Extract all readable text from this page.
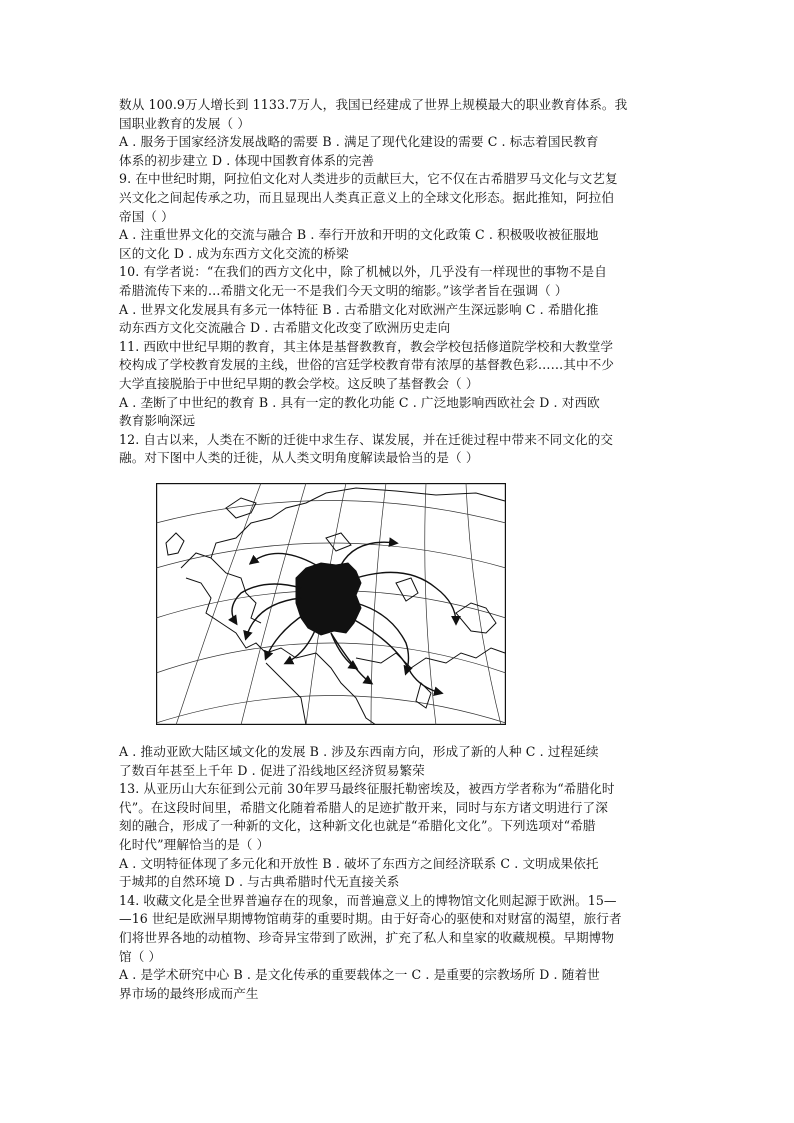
数从 100.9万人增长到 1133.7万人，我国已经建成了世界上规模最大的职业教育体系。我
国职业教育的发展（ ）
A . 服务于国家经济发展战略的需要 B . 满足了现代化建设的需要 C . 标志着国民教育
体系的初步建立 D . 体现中国教育体系的完善
9. 在中世纪时期，阿拉伯文化对人类进步的贡献巨大，它不仅在古希腊罗马文化与文艺复
兴文化之间起传承之功，而且显现出人类真正意义上的全球文化形态。据此推知，阿拉伯
帝国（ ）
A . 注重世界文化的交流与融合 B . 奉行开放和开明的文化政策 C . 积极吸收被征服地
区的文化 D . 成为东西方文化交流的桥梁
10. 有学者说：“在我们的西方文化中，除了机械以外，几乎没有一样现世的事物不是自
希腊流传下来的…希腊文化无一不是我们今天文明的缩影。”该学者旨在强调（ ）
A . 世界文化发展具有多元一体特征 B . 古希腊文化对欧洲产生深远影响 C . 希腊化推
动东西方文化交流融合 D . 古希腊文化改变了欧洲历史走向
11. 西欧中世纪早期的教育，其主体是基督教教育，教会学校包括修道院学校和大教堂学
校构成了学校教育发展的主线，世俗的宫廷学校教育带有浓厚的基督教色彩……其中不少
大学直接脱胎于中世纪早期的教会学校。这反映了基督教会（ ）
A . 垄断了中世纪的教育 B . 具有一定的教化功能 C . 广泛地影响西欧社会 D . 对西欧
教育影响深远
12. 自古以来，人类在不断的迁徙中求生存、谋发展，并在迁徙过程中带来不同文化的交
融。对下图中人类的迁徙，从人类文明角度解读最恰当的是（ ）
A . 推动亚欧大陆区域文化的发展 B . 涉及东西南方向，形成了新的人种 C . 过程延续
了数百年甚至上千年 D . 促进了沿线地区经济贸易繁荣
13. 从亚历山大东征到公元前 30年罗马最终征服托勒密埃及，被西方学者称为“希腊化时
代”。在这段时间里，希腊文化随着希腊人的足迹扩散开来，同时与东方诸文明进行了深
刻的融合，形成了一种新的文化，这种新文化也就是“希腊化文化”。下列选项对“希腊
化时代”理解恰当的是（ ）
A . 文明特征体现了多元化和开放性 B . 破坏了东西方之间经济联系 C . 文明成果依托
于城邦的自然环境 D . 与古典希腊时代无直接关系
14. 收藏文化是全世界普遍存在的现象，而普遍意义上的博物馆文化则起源于欧洲。15—
—16 世纪是欧洲早期博物馆萌芽的重要时期。由于好奇心的驱使和对财富的渴望，旅行者
们将世界各地的动植物、珍奇异宝带到了欧洲，扩充了私人和皇家的收藏规模。早期博物
馆（ ）
A . 是学术研究中心 B . 是文化传承的重要载体之一 C . 是重要的宗教场所 D . 随着世
界市场的最终形成而产生
